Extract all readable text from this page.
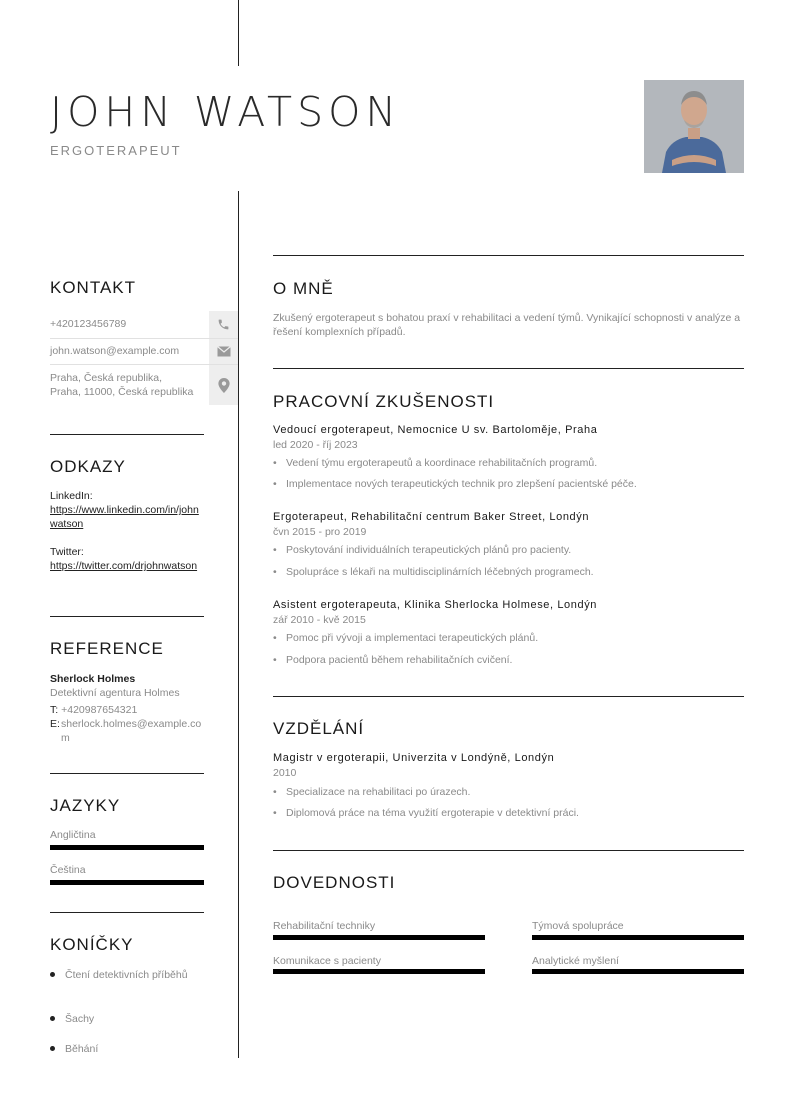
JOHN WATSON
ERGOTERAPEUT
KONTAKT
+420123456789
john.watson@example.com
Praha, Česká republika,
Praha, 11000, Česká republika
ODKAZY
LinkedIn:
https://www.linkedin.com/in/johnwatson
Twitter:
https://twitter.com/drjohnwatson
REFERENCE
Sherlock Holmes
Detektivní agentura Holmes
T: +420987654321
E: sherlock.holmes@example.com
JAZYKY
Angličtina
Čeština
KONÍČKY
Čtení detektivních příběhů
Šachy
Běhání
O MNĚ
Zkušený ergoterapeut s bohatou praxí v rehabilitaci a vedení týmů. Vynikající schopnosti v analýze a řešení komplexních případů.
PRACOVNÍ ZKUŠENOSTI
Vedoucí ergoterapeut, Nemocnice U sv. Bartoloměje, Praha
led 2020 - říj 2023
• Vedení týmu ergoterapeutů a koordinace rehabilitačních programů.
• Implementace nových terapeutických technik pro zlepšení pacientské péče.
Ergoterapeut, Rehabilitační centrum Baker Street, Londýn
čvn 2015 - pro 2019
• Poskytování individuálních terapeutických plánů pro pacienty.
• Spolupráce s lékaři na multidisciplinárních léčebných programech.
Asistent ergoterapeuta, Klinika Sherlocka Holmese, Londýn
zář 2010 - kvě 2015
• Pomoc při vývoji a implementaci terapeutických plánů.
• Podpora pacientů během rehabilitačních cvičení.
VZDĚLÁNÍ
Magistr v ergoterapii, Univerzita v Londýně, Londýn
2010
• Specializace na rehabilitaci po úrazech.
• Diplomová práce na téma využití ergoterapie v detektivní práci.
DOVEDNOSTI
Rehabilitační techniky	Týmová spolupráce
Komunikace s pacienty	Analytické myšlení
